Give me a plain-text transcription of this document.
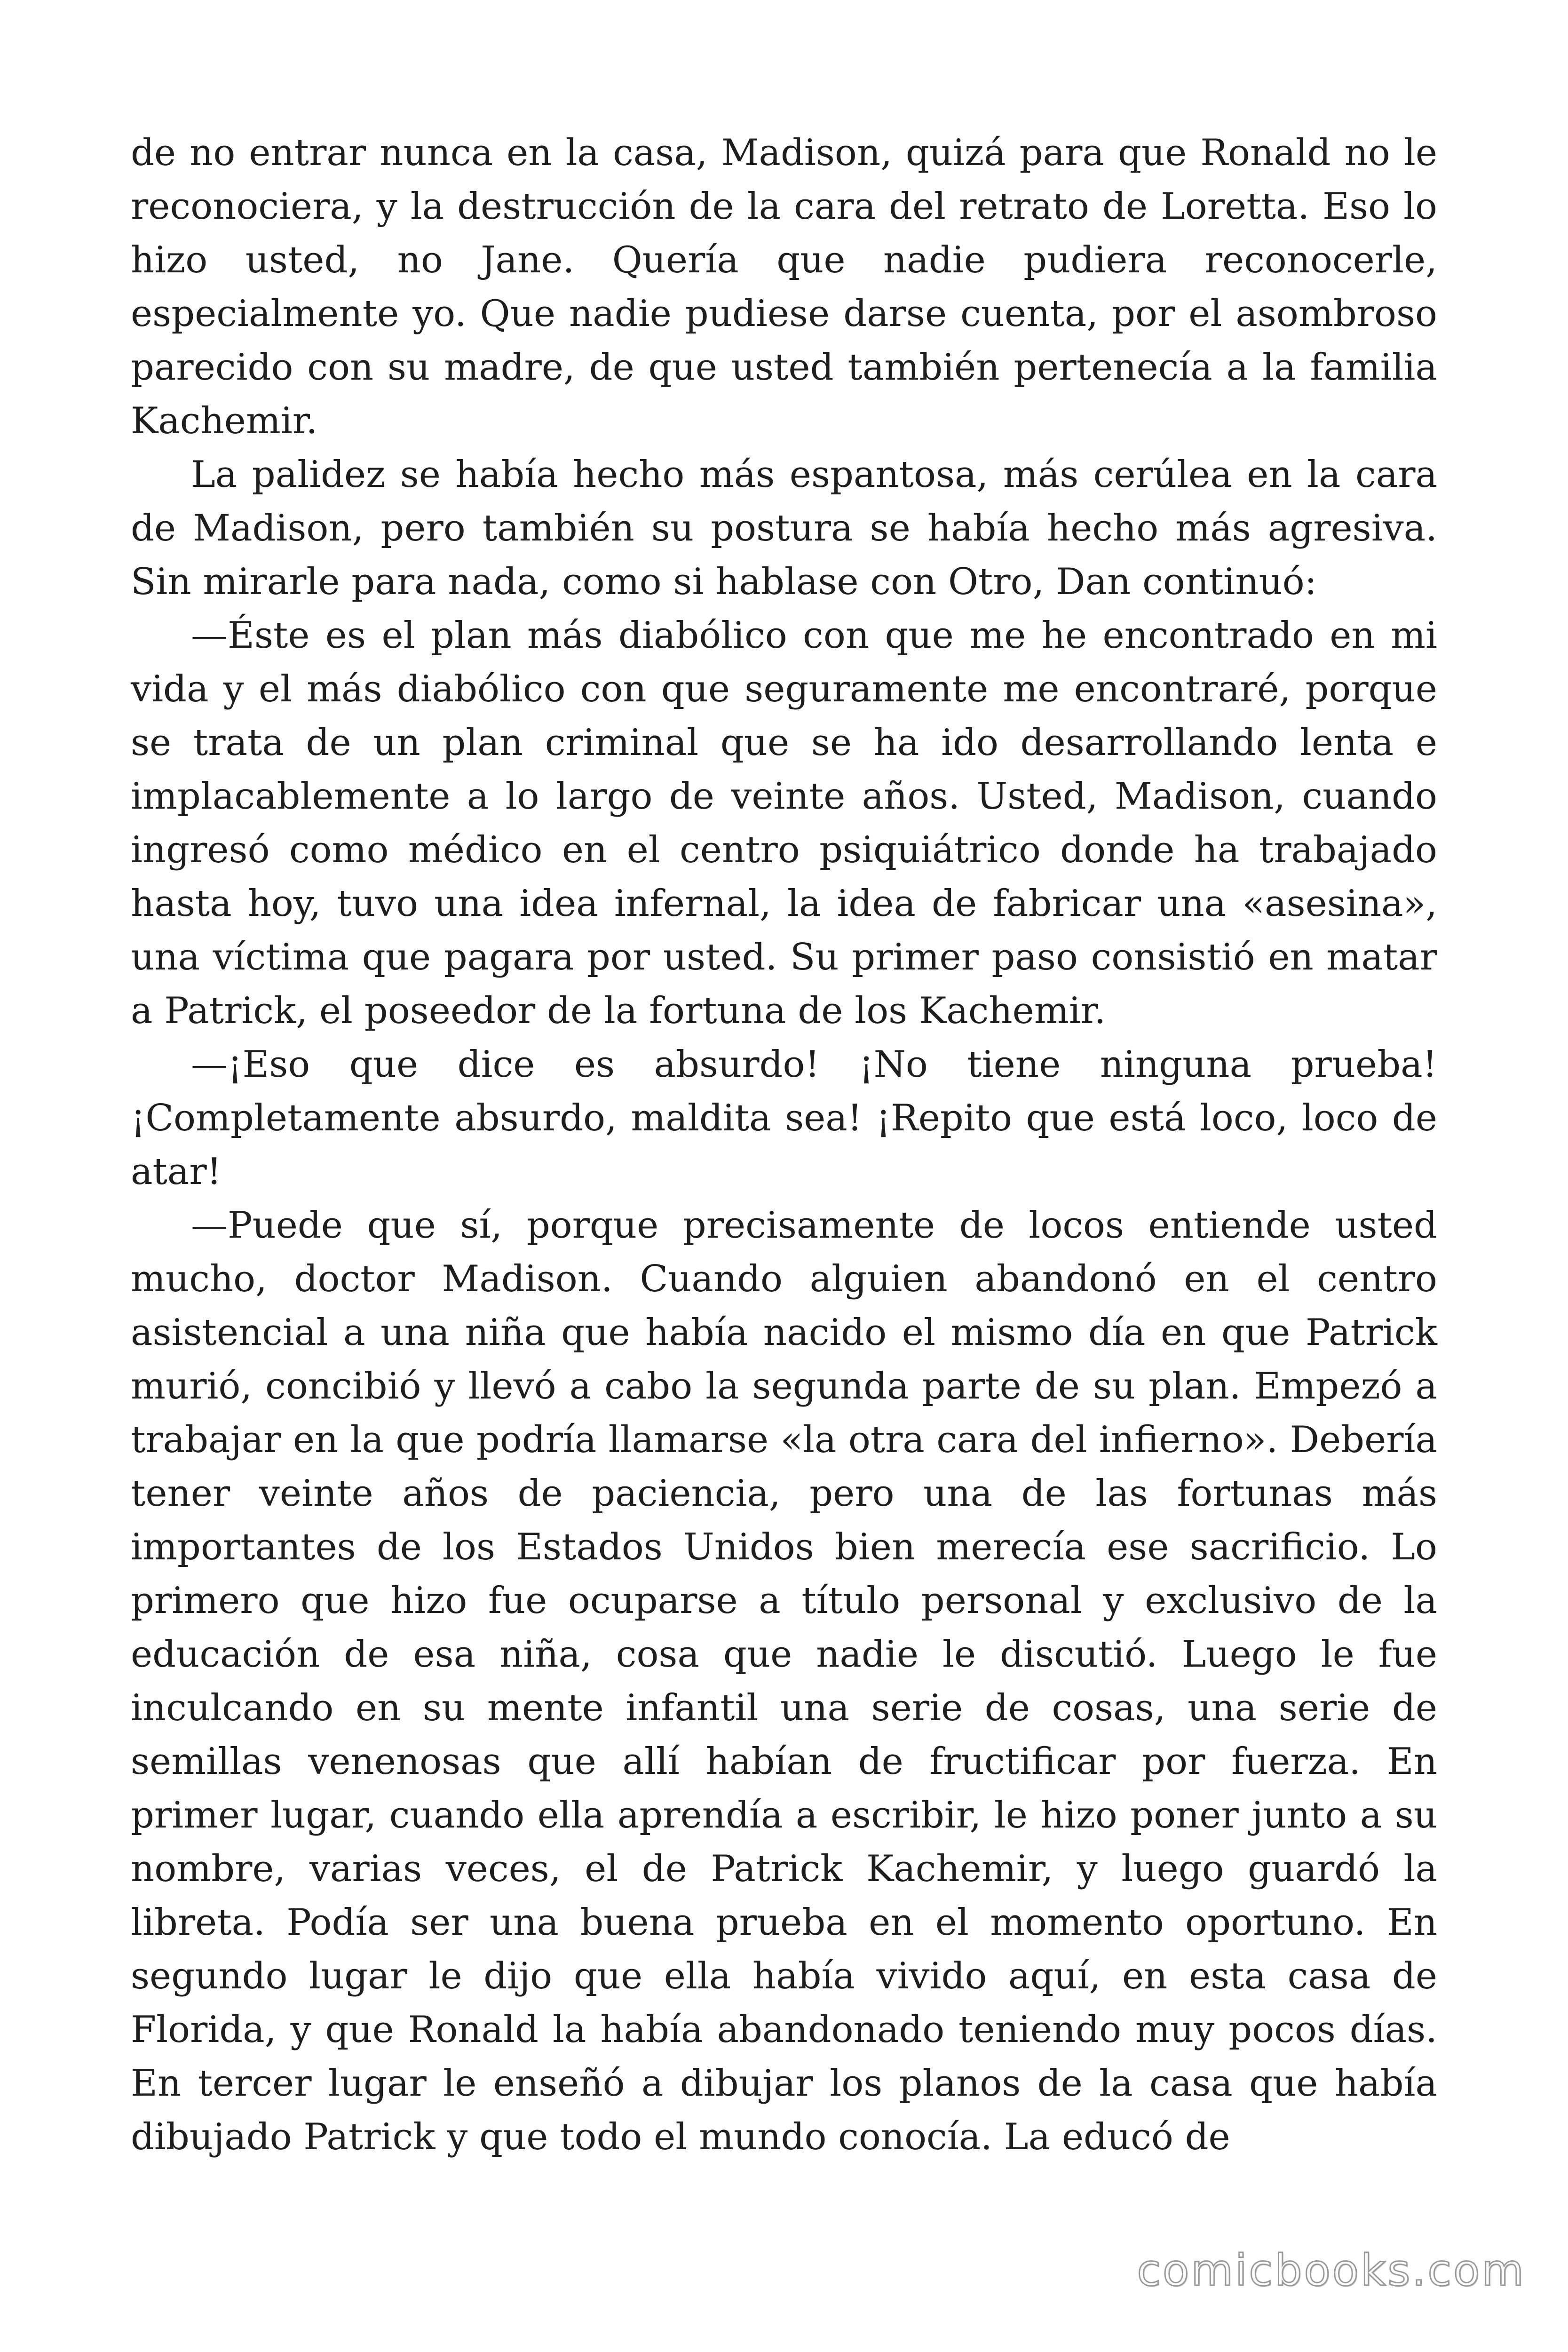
de no entrar nunca en la casa, Madison, quizá para que Ronald no le reconociera, y la destrucción de la cara del retrato de Loretta. Eso lo hizo usted, no Jane. Quería que nadie pudiera reconocerle, especialmente yo. Que nadie pudiese darse cuenta, por el asombroso parecido con su madre, de que usted también pertenecía a la familia Kachemir.

La palidez se había hecho más espantosa, más cerúlea en la cara de Madison, pero también su postura se había hecho más agresiva. Sin mirarle para nada, como si hablase con Otro, Dan continuó:

—Éste es el plan más diabólico con que me he encontrado en mi vida y el más diabólico con que seguramente me encontraré, porque se trata de un plan criminal que se ha ido desarrollando lenta e implacablemente a lo largo de veinte años. Usted, Madison, cuando ingresó como médico en el centro psiquiátrico donde ha trabajado hasta hoy, tuvo una idea infernal, la idea de fabricar una «asesina», una víctima que pagara por usted. Su primer paso consistió en matar a Patrick, el poseedor de la fortuna de los Kachemir.

—¡Eso que dice es absurdo! ¡No tiene ninguna prueba! ¡Completamente absurdo, maldita sea! ¡Repito que está loco, loco de atar!

—Puede que sí, porque precisamente de locos entiende usted mucho, doctor Madison. Cuando alguien abandonó en el centro asistencial a una niña que había nacido el mismo día en que Patrick murió, concibió y llevó a cabo la segunda parte de su plan. Empezó a trabajar en la que podría llamarse «la otra cara del infierno». Debería tener veinte años de paciencia, pero una de las fortunas más importantes de los Estados Unidos bien merecía ese sacrificio. Lo primero que hizo fue ocuparse a título personal y exclusivo de la educación de esa niña, cosa que nadie le discutió. Luego le fue inculcando en su mente infantil una serie de cosas, una serie de semillas venenosas que allí habían de fructificar por fuerza. En primer lugar, cuando ella aprendía a escribir, le hizo poner junto a su nombre, varias veces, el de Patrick Kachemir, y luego guardó la libreta. Podía ser una buena prueba en el momento oportuno. En segundo lugar le dijo que ella había vivido aquí, en esta casa de Florida, y que Ronald la había abandonado teniendo muy pocos días. En tercer lugar le enseñó a dibujar los planos de la casa que había dibujado Patrick y que todo el mundo conocía. La educó de

comicbooks.com
